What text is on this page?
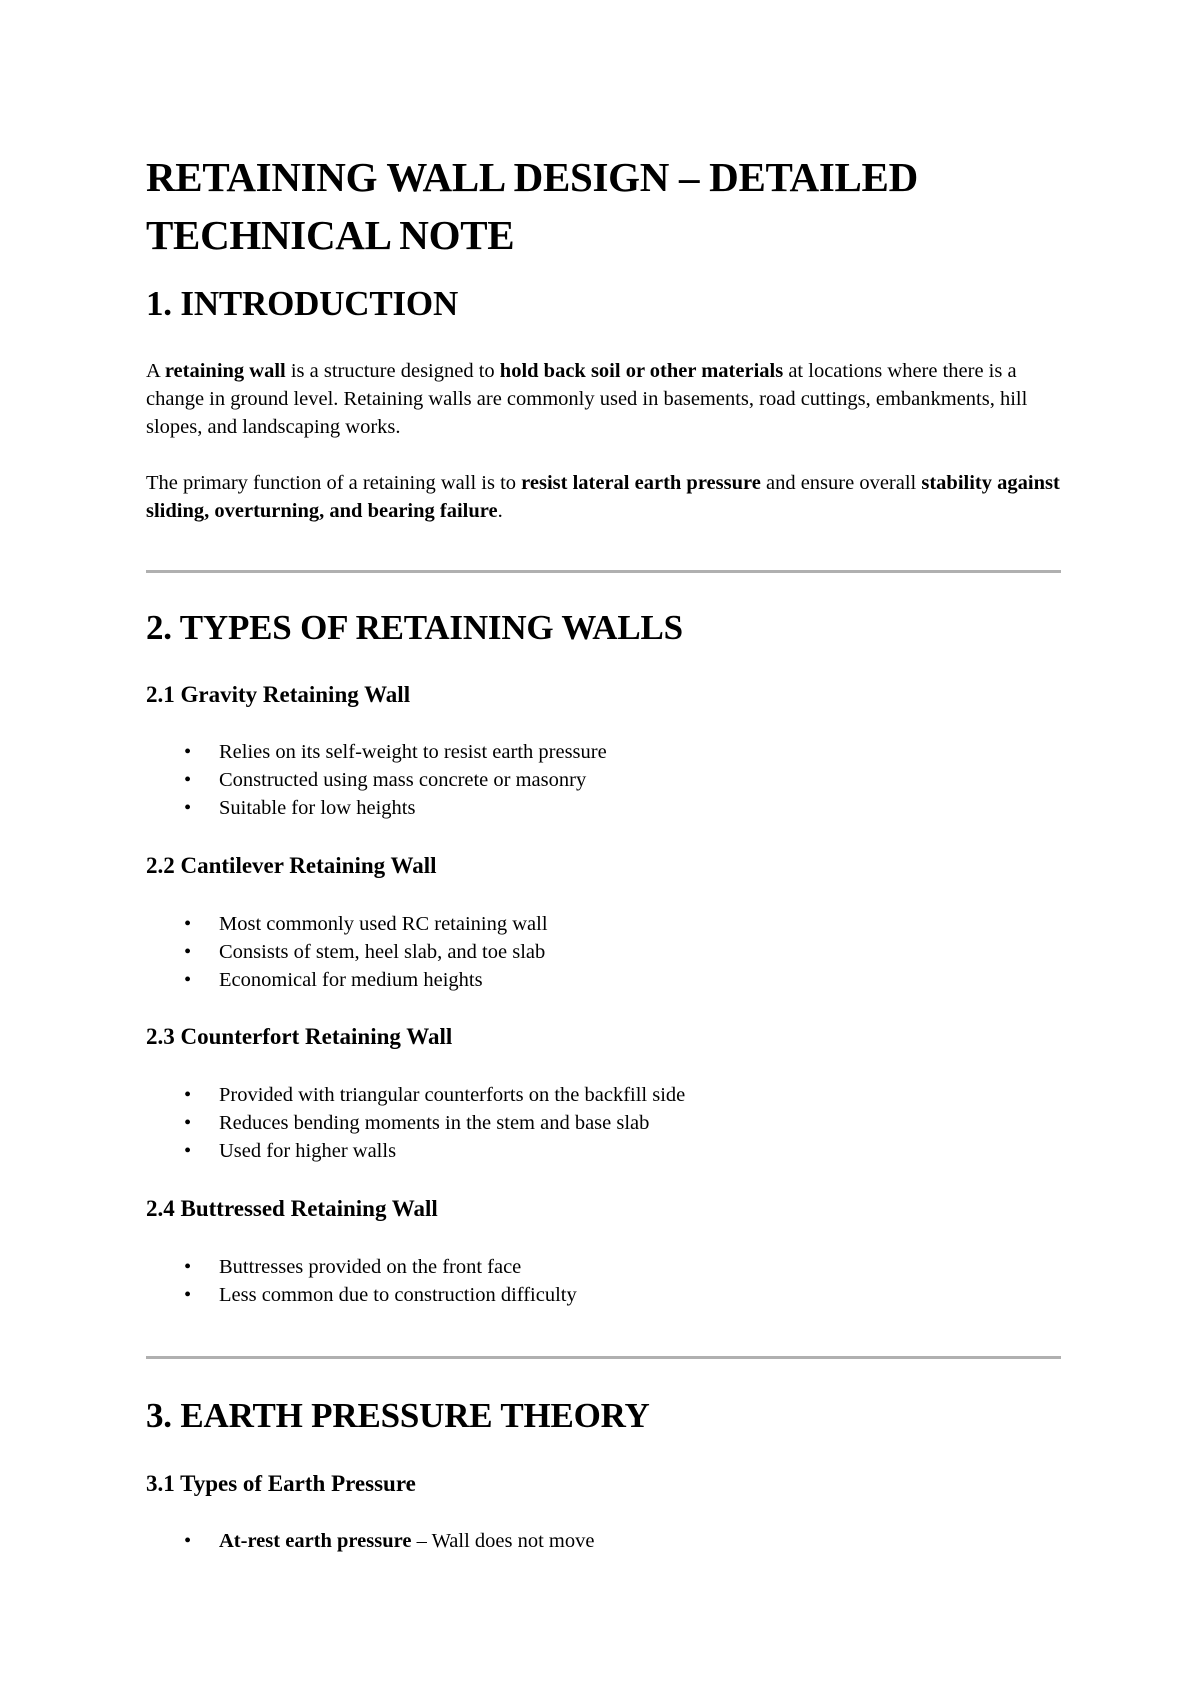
RETAINING WALL DESIGN – DETAILED TECHNICAL NOTE
1. INTRODUCTION

A retaining wall is a structure designed to hold back soil or other materials at locations where there is a change in ground level. Retaining walls are commonly used in basements, road cuttings, embankments, hill slopes, and landscaping works.

The primary function of a retaining wall is to resist lateral earth pressure and ensure overall stability against sliding, overturning, and bearing failure.

2. TYPES OF RETAINING WALLS
2.1 Gravity Retaining Wall
• Relies on its self-weight to resist earth pressure
• Constructed using mass concrete or masonry
• Suitable for low heights
2.2 Cantilever Retaining Wall
• Most commonly used RC retaining wall
• Consists of stem, heel slab, and toe slab
• Economical for medium heights
2.3 Counterfort Retaining Wall
• Provided with triangular counterforts on the backfill side
• Reduces bending moments in the stem and base slab
• Used for higher walls
2.4 Buttressed Retaining Wall
• Buttresses provided on the front face
• Less common due to construction difficulty
3. EARTH PRESSURE THEORY
3.1 Types of Earth Pressure
• At-rest earth pressure – Wall does not move
